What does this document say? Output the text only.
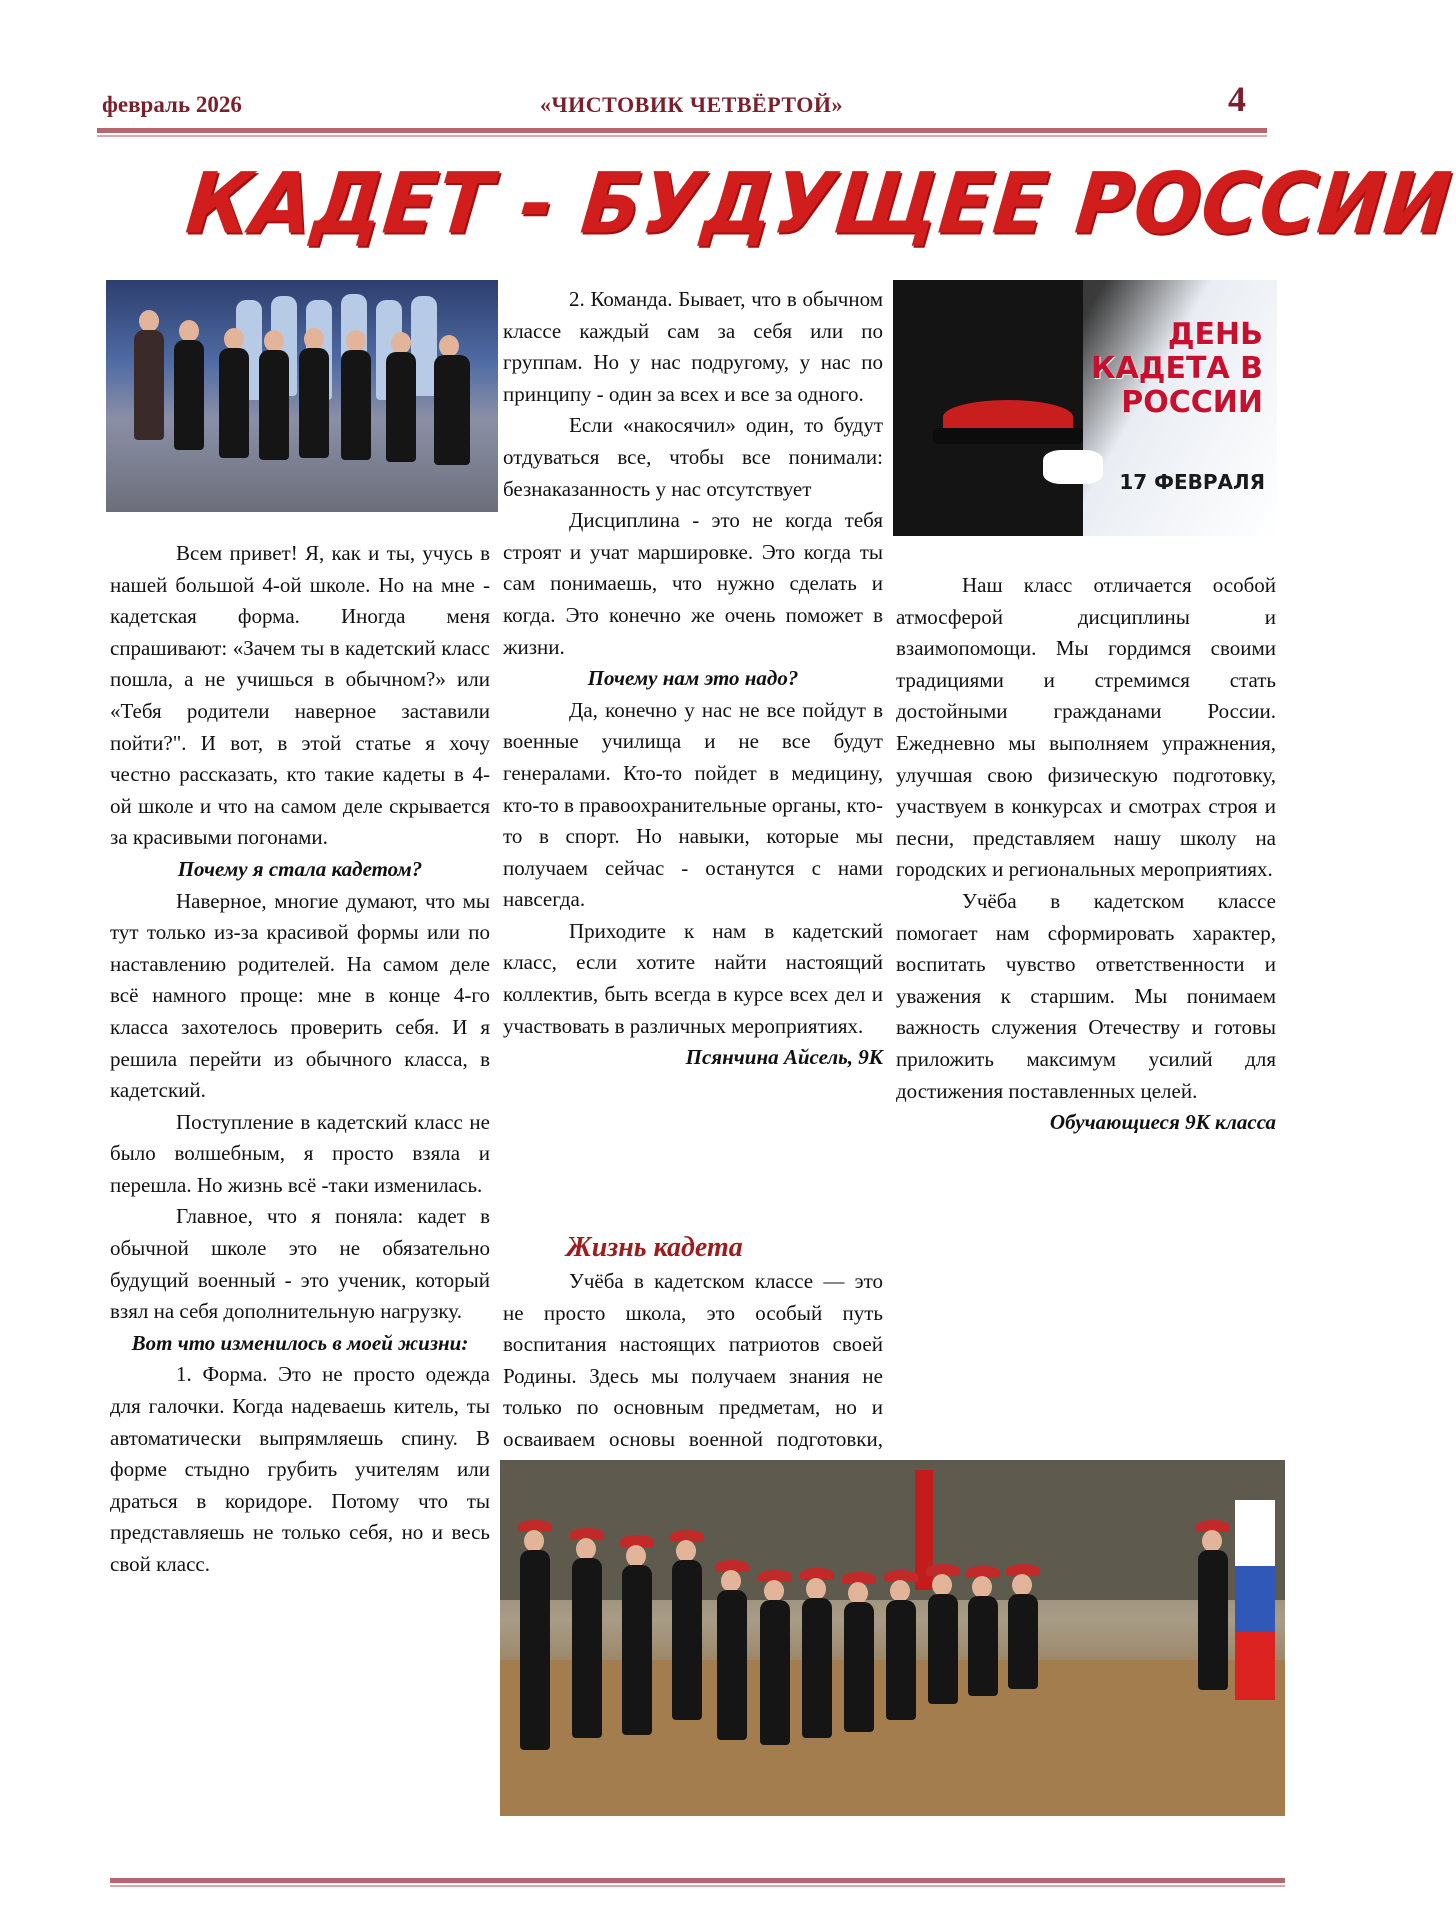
февраль 2026	«ЧИСТОВИК ЧЕТВЁРТОЙ»	4
КАДЕТ - БУДУЩЕЕ РОССИИ
ДЕНЬ КАДЕТА В РОССИИ
17 ФЕВРАЛЯ

Всем привет! Я, как и ты, учусь в нашей большой 4-ой школе. Но на мне - кадетская форма. Иногда меня спрашивают: «Зачем ты в кадетский класс пошла, а не учишься в обычном?» или «Тебя родители наверное заставили пойти?". И вот, в этой статье я хочу честно рассказать, кто такие кадеты в 4-ой школе и что на самом деле скрывается за красивыми погонами.

Почему я стала кадетом?

Наверное, многие думают, что мы тут только из-за красивой формы или по наставлению родителей. На самом деле всё намного проще: мне в конце 4-го класса захотелось проверить себя. И я решила перейти из обычного класса, в кадетский.

Поступление в кадетский класс не было волшебным, я просто взяла и перешла. Но жизнь всё -таки изменилась.

Главное, что я поняла: кадет в обычной школе это не обязательно будущий военный - это ученик, который взял на себя дополнительную нагрузку.

Вот что изменилось в моей жизни:

1. Форма. Это не просто одежда для галочки. Когда надеваешь китель, ты автоматически выпрямляешь спину. В форме стыдно грубить учителям или драться в коридоре. Потому что ты представляешь не только себя, но и весь свой класс.

2. Команда. Бывает, что в обычном классе каждый сам за себя или по группам. Но у нас подругому, у нас по принципу - один за всех и все за одного.

Если «накосячил» один, то будут отдуваться все, чтобы все понимали: безнаказанность у нас отсутствует

Дисциплина - это не когда тебя строят и учат маршировке. Это когда ты сам понимаешь, что нужно сделать и когда. Это конечно же очень поможет в жизни.

Почему нам это надо?

Да, конечно у нас не все пойдут в военные училища и не все будут генералами. Кто-то пойдет в медицину, кто-то в правоохранительные органы, кто-то в спорт. Но навыки, которые мы получаем сейчас - останутся с нами навсегда.

Приходите к нам в кадетский класс, если хотите найти настоящий коллектив, быть всегда в курсе всех дел и участвовать в различных мероприятиях.

Псянчина Айсель, 9К

Жизнь кадета

Учёба в кадетском классе — это не просто школа, это особый путь воспитания настоящих патриотов своей Родины. Здесь мы получаем знания не только по основным предметам, но и осваиваем основы военной подготовки,

Наш класс отличается особой атмосферой дисциплины и взаимопомощи. Мы гордимся своими традициями и стремимся стать достойными гражданами России. Ежедневно мы выполняем упражнения, улучшая свою физическую подготовку, участвуем в конкурсах и смотрах строя и песни, представляем нашу школу на городских и региональных мероприятиях.

Учёба в кадетском классе помогает нам сформировать характер, воспитать чувство ответственности и уважения к старшим. Мы понимаем важность служения Отечеству и готовы приложить максимум усилий для достижения поставленных целей.

Обучающиеся 9К класса
